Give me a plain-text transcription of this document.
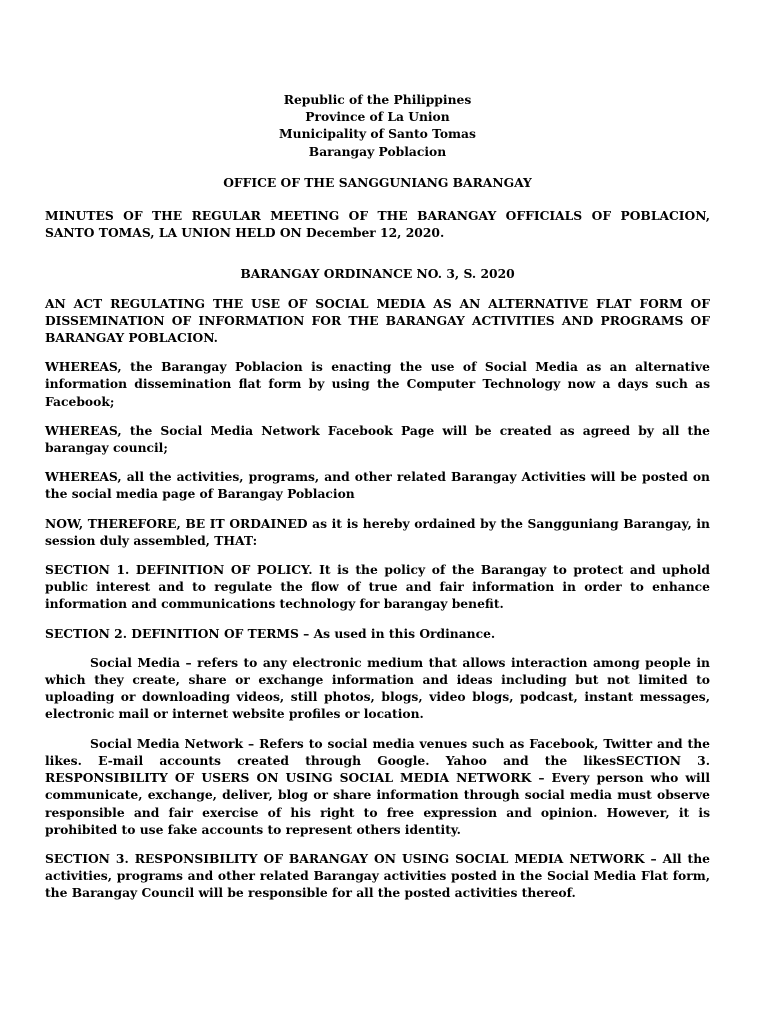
Republic of the Philippines
Province of La Union
Municipality of Santo Tomas
Barangay Poblacion
OFFICE OF THE SANGGUNIANG BARANGAY
MINUTES OF THE REGULAR MEETING OF THE BARANGAY OFFICIALS OF POBLACION, SANTO TOMAS, LA UNION HELD ON December 12, 2020.
BARANGAY ORDINANCE NO. 3, S. 2020

AN ACT REGULATING THE USE OF SOCIAL MEDIA AS AN ALTERNATIVE FLAT FORM OF DISSEMINATION OF INFORMATION FOR THE BARANGAY ACTIVITIES AND PROGRAMS OF BARANGAY POBLACION.

WHEREAS, the Barangay Poblacion is enacting the use of Social Media as an alternative information dissemination flat form by using the Computer Technology now a days such as Facebook;

WHEREAS, the Social Media Network Facebook Page will be created as agreed by all the barangay council;

WHEREAS, all the activities, programs, and other related Barangay Activities will be posted on the social media page of Barangay Poblacion

NOW, THEREFORE, BE IT ORDAINED as it is hereby ordained by the Sangguniang Barangay, in session duly assembled, THAT:

SECTION 1. DEFINITION OF POLICY. It is the policy of the Barangay to protect and uphold public interest and to regulate the flow of true and fair information in order to enhance information and communications technology for barangay benefit.

SECTION 2. DEFINITION OF TERMS – As used in this Ordinance.

Social Media – refers to any electronic medium that allows interaction among people in which they create, share or exchange information and ideas including but not limited to uploading or downloading videos, still photos, blogs, video blogs, podcast, instant messages, electronic mail or internet website profiles or location.

Social Media Network – Refers to social media venues such as Facebook, Twitter and the likes. E-mail accounts created through Google. Yahoo and the likesSECTION 3. RESPONSIBILITY OF USERS ON USING SOCIAL MEDIA NETWORK – Every person who will communicate, exchange, deliver, blog or share information through social media must observe responsible and fair exercise of his right to free expression and opinion. However, it is prohibited to use fake accounts to represent others identity.

SECTION 3. RESPONSIBILITY OF BARANGAY ON USING SOCIAL MEDIA NETWORK – All the activities, programs and other related Barangay activities posted in the Social Media Flat form, the Barangay Council will be responsible for all the posted activities thereof.
